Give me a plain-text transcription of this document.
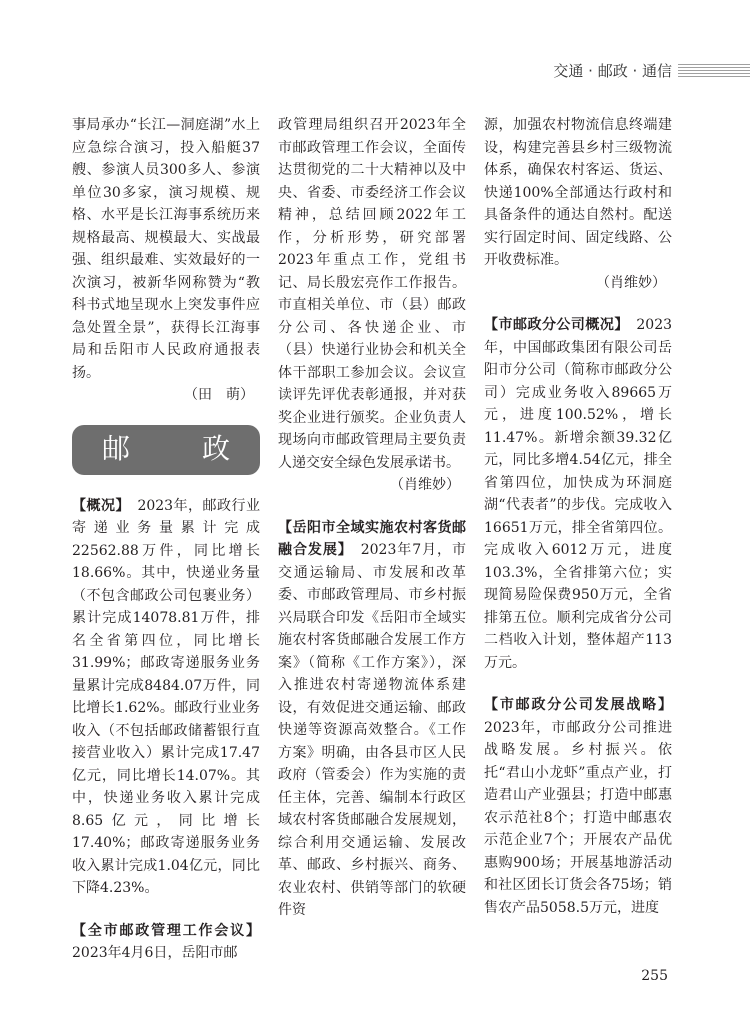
交通 · 邮政 · 通信

事局承办“长江—洞庭湖”水上应急综合演习，投入船艇37艘、参演人员300多人、参演单位30多家，演习规模、规格、水平是长江海事系统历来规格最高、规模最大、实战最强、组织最难、实效最好的一次演习，被新华网称赞为“教科书式地呈现水上突发事件应急处置全景”，获得长江海事局和岳阳市人民政府通报表扬。

（田　萌）

邮　政

【概况】　 2023年，邮政行业寄递业务量累计完成22562.88万件，同比增长18.66%。其中，快递业务量（不包含邮政公司包裹业务）累计完成14078.81万件，排名全省第四位，同比增长31.99%；邮政寄递服务业务量累计完成8484.07万件，同比增长1.62%。邮政行业业务收入（不包括邮政储蓄银行直接营业收入）累计完成17.47亿元，同比增长14.07%。其中，快递业务收入累计完成8.65亿元，同比增长17.40%；邮政寄递服务业务收入累计完成1.04亿元，同比下降4.23%。

【全市邮政管理工作会议】2023年4月6日，岳阳市邮

政管理局组织召开2023年全市邮政管理工作会议，全面传达贯彻党的二十大精神以及中央、省委、市委经济工作会议精神，总结回顾2022年工作，分析形势，研究部署2023年重点工作，党组书记、局长殷宏亮作工作报告。市直相关单位、市（县）邮政分公司、各快递企业、市（县）快递行业协会和机关全体干部职工参加会议。会议宣读评先评优表彰通报，并对获奖企业进行颁奖。企业负责人现场向市邮政管理局主要负责人递交安全绿色发展承诺书。

（肖维妙）

【岳阳市全域实施农村客货邮融合发展】　 2023年7月，市交通运输局、市发展和改革委、市邮政管理局、市乡村振兴局联合印发《岳阳市全域实施农村客货邮融合发展工作方案》（简称《工作方案》），深入推进农村寄递物流体系建设，有效促进交通运输、邮政快递等资源高效整合。《工作方案》明确，由各县市区人民政府（管委会）作为实施的责任主体，完善、编制本行政区域农村客货邮融合发展规划，综合利用交通运输、发展改革、邮政、乡村振兴、商务、农业农村、供销等部门的软硬件资

源，加强农村物流信息终端建设，构建完善县乡村三级物流体系，确保农村客运、货运、快递100%全部通达行政村和具备条件的通达自然村。配送实行固定时间、固定线路、公开收费标准。

（肖维妙）

【市邮政分公司概况】　 2023年，中国邮政集团有限公司岳阳市分公司（简称市邮政分公司）完成业务收入89665万元，进度100.52%，增长11.47%。新增余额39.32亿元，同比多增4.54亿元，排全省第四位，加快成为环洞庭湖“代表者”的步伐。完成收入16651万元，排全省第四位。完成收入6012万元，进度103.3%，全省排第六位；实现简易险保费950万元，全省排第五位。顺利完成省分公司二档收入计划，整体超产113万元。

【市邮政分公司发展战略】2023年，市邮政分公司推进战略发展。乡村振兴。依托“君山小龙虾”重点产业，打造君山产业强县；打造中邮惠农示范社8个；打造中邮惠农示范企业7个；开展农产品优惠购900场；开展基地游活动和社区团长订货会各75场；销售农产品5058.5万元，进度

255
